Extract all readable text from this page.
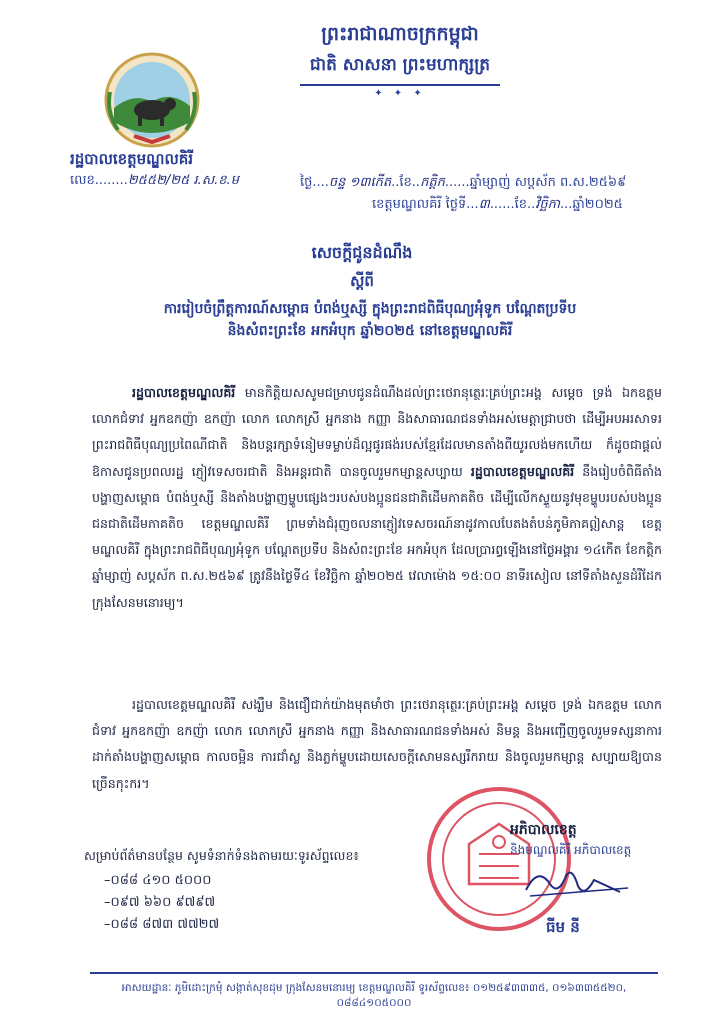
ព្រះរាជាណាចក្រកម្ពុជា
ជាតិ សាសនា ព្រះមហាក្សត្រ
✦ ✦ ✦
រដ្ឋបាលខេត្តមណ្ឌលគិរី
លេខ........២៥៥២/២៥ រ.ស.ខ.ម	ថ្ងៃ....ចន្ទ ១៣កើត..ខែ..កត្តិក......ឆ្នាំម្សាញ់ សប្តស័ក ព.ស.២៥៦៩
ខេត្តមណ្ឌលគិរី ថ្ងៃទី...៣......ខែ..វិច្ឆិកា...ឆ្នាំ២០២៥
សេចក្តីជូនដំណឹង
ស្តីពី
ការរៀបចំព្រឹត្តការណ៍សម្ពោធ បំពង់ឬស្សី ក្នុងព្រះរាជពិធីបុណ្យអុំទូក បណ្តែតប្រទីប
និងសំពះព្រះខែ អកអំបុក ឆ្នាំ២០២៥ នៅខេត្តមណ្ឌលគិរី
រដ្ឋបាលខេត្តមណ្ឌលគិរី មានកិត្តិយសសូមជម្រាបជូនដំណឹងដល់ព្រះថេរានុត្ថេរៈគ្រប់ព្រះអង្គ សម្តេច ទ្រង់ ឯកឧត្តម លោកជំទាវ អ្នកឧកញ៉ា ឧកញ៉ា លោក លោកស្រី អ្នកនាង កញ្ញា និងសាធារណជនទាំងអស់មេត្តាជ្រាបថា ដើម្បីអបអរសាទរព្រះរាជពិធីបុណ្យប្រពៃណីជាតិ និងបន្តរក្សាទំនៀមទម្លាប់ដ៏ល្អផូរផង់របស់ខ្មែរដែលមានតាំងពីយូរលង់មកហើយ ក៏ដូចជាផ្តល់ឱកាសជូនប្រពលរដ្ឋ ភ្ញៀវទេសចរជាតិ និងអន្តរជាតិ បានចូលរួមកម្សាន្តសប្បាយ រដ្ឋបាលខេត្តមណ្ឌលគិរី នឹងរៀបចំពិធីតាំងបង្ហាញសម្ពោធ បំពង់ឬស្សី និងតាំងបង្ហាញម្ហូបផ្សេងៗរបស់បងប្អូនជនជាតិដើមភាគតិច ដើម្បីលើកស្ទួយនូវមុខម្ហូបរបស់បងប្អូនជនជាតិដើមភាគតិច ខេត្តមណ្ឌលគិរី ព្រមទាំងជំរុញចលនាភ្ញៀវទេសចរណ៍នាដូវកាលបែតងតំបន់ភូមិភាគឦសាន្ត ខេត្តមណ្ឌលគិរី ក្នុងព្រះរាជពិធីបុណ្យអុំទូក បណ្តែតប្រទីប និងសំពះព្រះខែ អកអំបុក ដែលប្រារព្ធឡើងនៅថ្ងៃអង្គារ ១៤កើត ខែកត្តិក ឆ្នាំម្សាញ់ សប្តស័ក ព.ស.២៥៦៩ ត្រូវនឹងថ្ងៃទី៤ ខែវិច្ឆិកា ឆ្នាំ២០២៥ វេលាម៉ោង ១៥:០០ នាទីរសៀល នៅទីតាំងសួនដំរីដែក ក្រុងសែនមនោរម្យ។
រដ្ឋបាលខេត្តមណ្ឌលគិរី សង្ឃឹម និងជឿជាក់យ៉ាងមុតមាំថា ព្រះថេរានុត្ថេរៈគ្រប់ព្រះអង្គ សម្តេច ទ្រង់ ឯកឧត្តម លោកជំទាវ អ្នកឧកញ៉ា ឧកញ៉ា លោក លោកស្រី អ្នកនាង កញ្ញា និងសាធារណជនទាំងអស់ និមន្ត និងអញ្ជើញចូលរួមទស្សនាការដាក់តាំងបង្ហាញសម្ពោធ កាលចម្អិន ការជាំស្ល និងភ្លក់ម្ហូបដោយសេចក្តីសោមនស្សរីករាយ និងចូលរួមកម្សាន្ត សប្បាយឱ្យបានច្រើនកុះករ។
អភិបាលខេត្ត
និងមណ្ឌលគិរី អភិបាលខេត្ត
ធីម នី
សម្រាប់ព័ត៌មានបន្ថែម សូមទំនាក់ទំនងតាមរយៈទូរស័ព្ទលេខ៖
–០៨៨ ៤១០ ៥០០០
–០៩៧ ៦៦០ ៩៧៩៧
–០៨៨ ៨៧៣ ៧៧២៧
អាសយដ្ឋានៈ ភូមិដោះក្រមុំ សង្កាត់សុខដុម ក្រុងសែនមនោរម្យ ខេត្តមណ្ឌលគិរី ទូរស័ព្ទលេខ៖ ០១២៥៩៣៣៣៥, ០១៦៣៣៥៥២០, ០៨៨៤១០៥០០០
